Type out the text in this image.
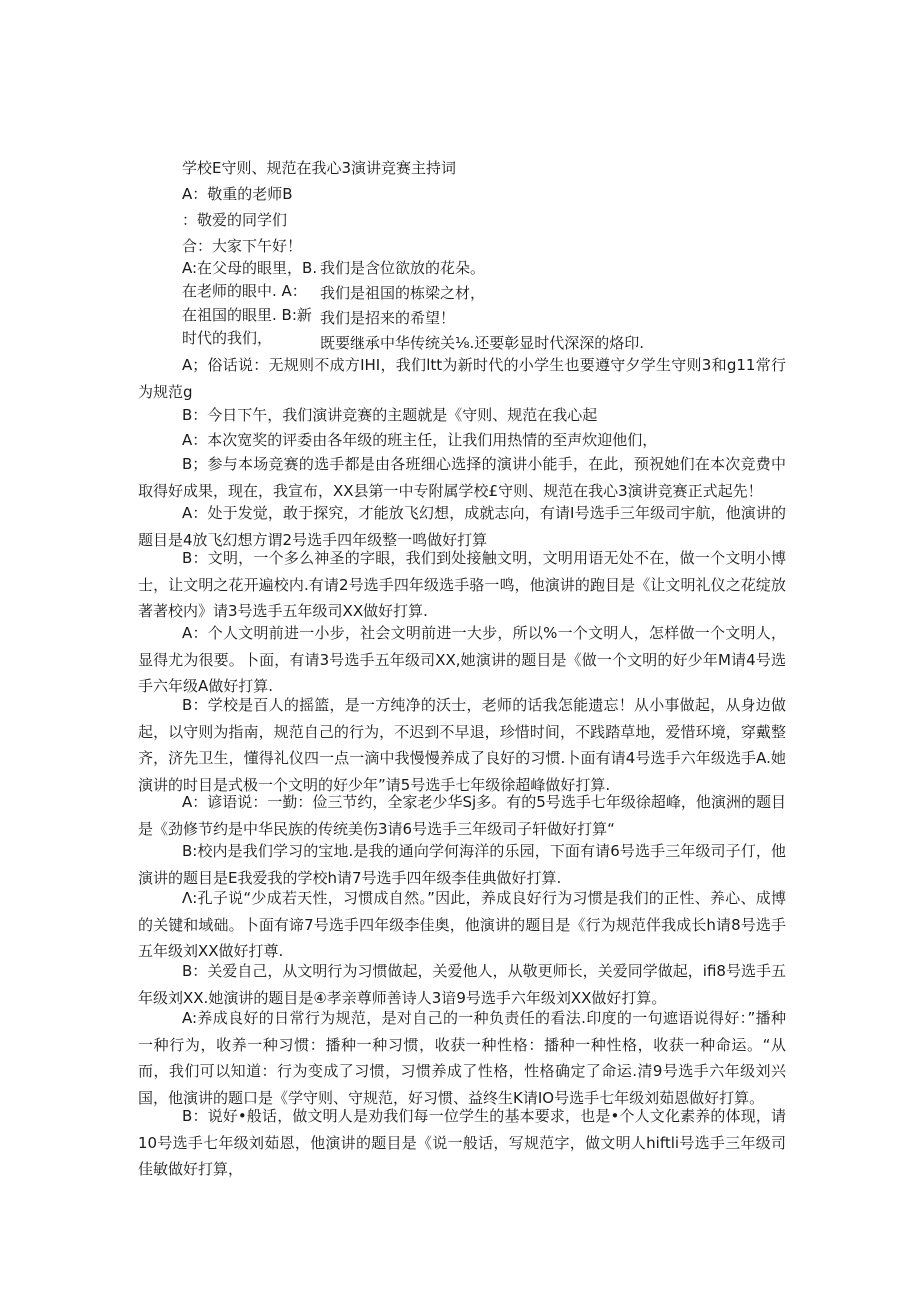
学校E守则、规范在我心3演讲竞赛主持词
A：敬重的老师B
：敬爱的同学们
合：大家下午好！
A:在父母的眼里，B. 我们是含位欲放的花朵。
在老师的眼中. A： 我们是祖国的栋梁之材，
在祖国的眼里. B:新 我们是招来的希望！
时代的我们，	既要继承中华传统关⅛.还要彰显时代深深的烙印.

A；俗话说：无规则不成方IHI，我们ltt为新时代的小学生也要遵守夕学生守则3和g11常行为规范g

B：今日下午，我们演讲竞赛的主题就是《守则、规范在我心起

A：本次宽奖的评委由各年级的班主任，让我们用热情的至声炊迎他们，

B；参与本场竞赛的选手都是由各班细心选择的演讲小能手，在此，预祝她们在本次竞费中取得好成果，现在，我宣布，XX县第一中专附属学校£守则、规范在我心3演讲竞赛正式起先！

A：处于发觉，敢于探究，才能放飞幻想，成就志向，有请I号选手三年级司宇航，他演讲的题目是4放飞幻想方谓2号选手四年级整一鸣做好打算

B：文明，一个多么神圣的字眼，我们到处接触文明，文明用语无处不在，做一个文明小博士，让文明之花开遍校内.有请2号选手四年级选手骆一鸣，他演讲的跑目是《让文明礼仪之花绽放著著校内》请3号选手五年级司XX做好打算.

A：个人文明前进一小步，社会文明前进一大步，所以%一个文明人，怎样做一个文明人，显得尤为很要。卜面，有请3号选手五年级司XX,她演讲的题目是《做一个文明的好少年M请4号选手六年级A做好打算.

B：学校是百人的摇篮，是一方纯净的沃士，老师的话我怎能遗忘！从小事做起，从身边做起，以守则为指南，规范自己的行为，不迟到不早退，珍惜时间，不践踏草地，爱惜环境，穿戴整齐，济先卫生，懂得礼仪四一点一滴中我慢慢养成了良好的习惯.卜面有请4号选手六年级选手A.她演讲的时目是式极一个文明的好少年”请5号选手七年级徐超峰做好打算.

A：谚语说：一勤：俭三节约，全家老少华Sj多。有的5号选手七年级徐超峰，他演洲的题目是《劲修节约是中华民族的传统美伤3请6号选手三年级司子轩做好打算“

B:校内是我们学习的宝地.是我的通向学何海洋的乐园，下面有请6号选手三年级司子仃，他演讲的题目是E我爱我的学校h请7号选手四年级李佳典做好打算.

Λ:孔子说“少成若天性，习惯成自然。”因此，养成良好行为习惯是我们的正性、养心、成博的关键和域础。卜面有谛7号选手四年级李佳奥，他演讲的题目是《行为规范伴我成长h请8号选手五年级刘XX做好打尊.

B：关爱自己，从文明行为习惯做起，关爱他人，从敬更师长，关爱同学做起，ifi8号选手五年级刘XX.她演讲的题目是④孝亲尊师善诗人3谙9号选手六年级刘XX做好打算。

A:养成良好的日常行为规范，是对自己的一种负责任的看法.印度的一句遮语说得好：”播种一种行为，收养一种习惯：播种一种习惯，收获一种性格：播种一种性格，收获一种命运。“从而，我们可以知道：行为变成了习惯，习惯养成了性格，性格确定了命运.清9号选手六年级刘兴国，他演讲的题口是《学守则、守规范，好习惯、益终生K请IO号选手七年级刘茹恩做好打算。

B：说好•般话，做文明人是劝我们每一位学生的基本要求，也是•个人文化素养的体现，请10号选手七年级刘茹恩，他演讲的题目是《说一般话，写规范字，做文明人hiftli号选手三年级司佳敏做好打算，
